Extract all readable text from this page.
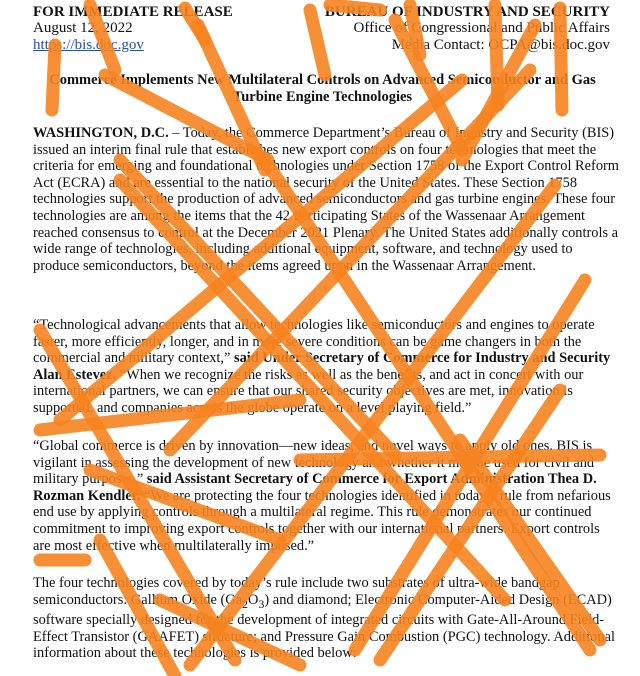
FOR IMMEDIATE RELEASE
August 12, 2022
https://bis.doc.gov
BUREAU OF INDUSTRY AND SECURITY
Office of Congressional and Public Affairs
Media Contact: OCPA@bis.doc.gov
Commerce Implements New Multilateral Controls on Advanced Semiconductor and Gas Turbine Engine Technologies
WASHINGTON, D.C. – Today, the Commerce Department’s Bureau of Industry and Security (BIS) issued an interim final rule that establishes new export controls on four technologies that meet the criteria for emerging and foundational technologies under Section 1758 of the Export Control Reform Act (ECRA) and are essential to the national security of the United States. These Section 1758 technologies support the production of advanced semiconductors and gas turbine engines. These four technologies are among the items that the 42 Participating States of the Wassenaar Arrangement reached consensus to control at the December 2021 Plenary. The United States additionally controls a wide range of technologies, including additional equipment, software, and technology used to produce semiconductors, beyond the items agreed upon in the Wassenaar Arrangement.
“Technological advancements that allow technologies like semiconductors and engines to operate faster, more efficiently, longer, and in more severe conditions can be game changers in both the commercial and military context,” said Under Secretary of Commerce for Industry and Security Alan Estevez. “When we recognize the risks as well as the benefits, and act in concert with our international partners, we can ensure that our shared security objectives are met, innovation is supported, and companies across the globe operate on a level playing field.”
“Global commerce is driven by innovation—new ideas, and novel ways to apply old ones. BIS is vigilant in assessing the development of new technology and whether it may be used for civil and military purposes,” said Assistant Secretary of Commerce for Export Administration Thea D. Rozman Kendler. “We are protecting the four technologies identified in today’s rule from nefarious end use by applying controls through a multilateral regime. This rule demonstrates our continued commitment to improving export controls together with our international partners. Export controls are most effective when multilaterally imposed.”
The four technologies covered by today’s rule include two substrates of ultra-wide bandgap semiconductors: Gallium Oxide $(Ga_2O_3)$ and diamond; Electronic Computer-Aided Design (ECAD) software specially designed for the development of integrated circuits with Gate-All-Around Field-Effect Transistor (GAAFET) structure; and Pressure Gain Combustion (PGC) technology. Additional information about these technologies is provided below:
